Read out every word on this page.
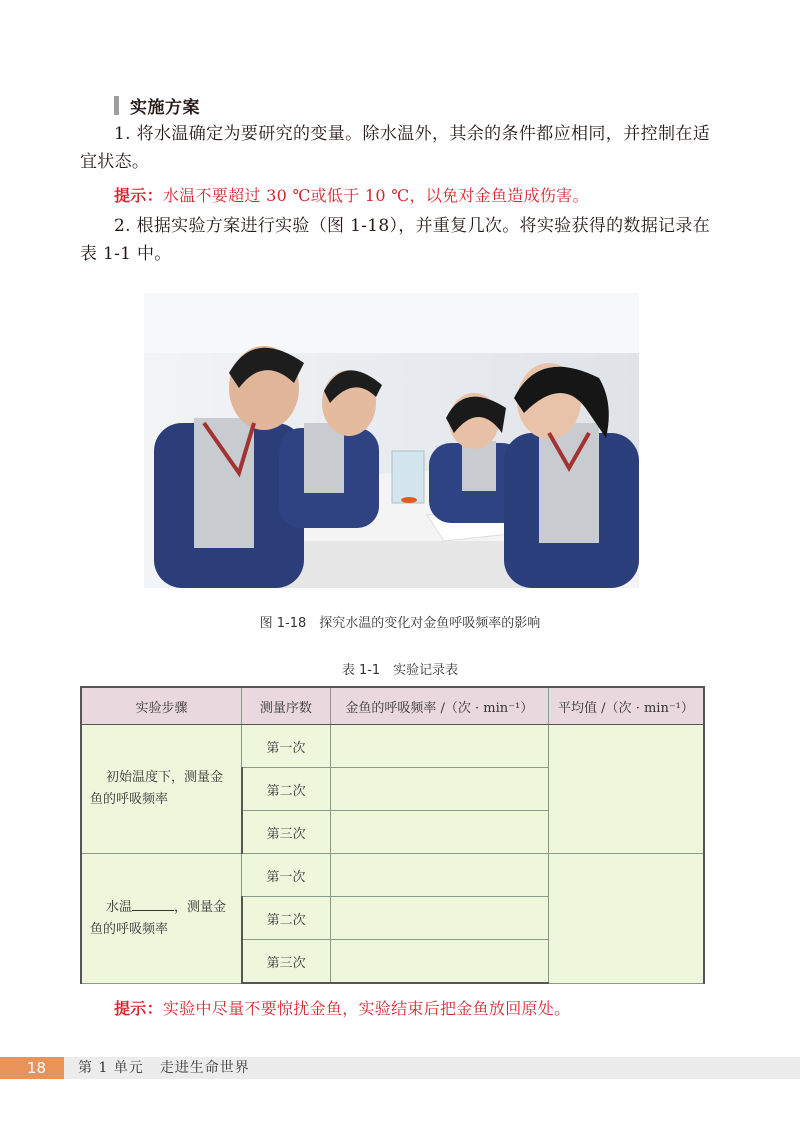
实施方案
1. 将水温确定为要研究的变量。除水温外，其余的条件都应相同，并控制在适宜状态。
提示：水温不要超过 30 ℃或低于 10 ℃，以免对金鱼造成伤害。
2. 根据实验方案进行实验（图 1-18），并重复几次。将实验获得的数据记录在表 1-1 中。
图 1-18　探究水温的变化对金鱼呼吸频率的影响
表 1-1　实验记录表
实验步骤	测量序数	金鱼的呼吸频率 /（次 · min⁻¹）	平均值 /（次 · min⁻¹）
初始温度下，测量金
鱼的呼吸频率	第一次		
	第二次		
	第三次		
水温 ，测量金
鱼的呼吸频率	第一次		
	第二次		
	第三次		
提示：实验中尽量不要惊扰金鱼，实验结束后把金鱼放回原处。
18	第 1 单元 走进生命世界
